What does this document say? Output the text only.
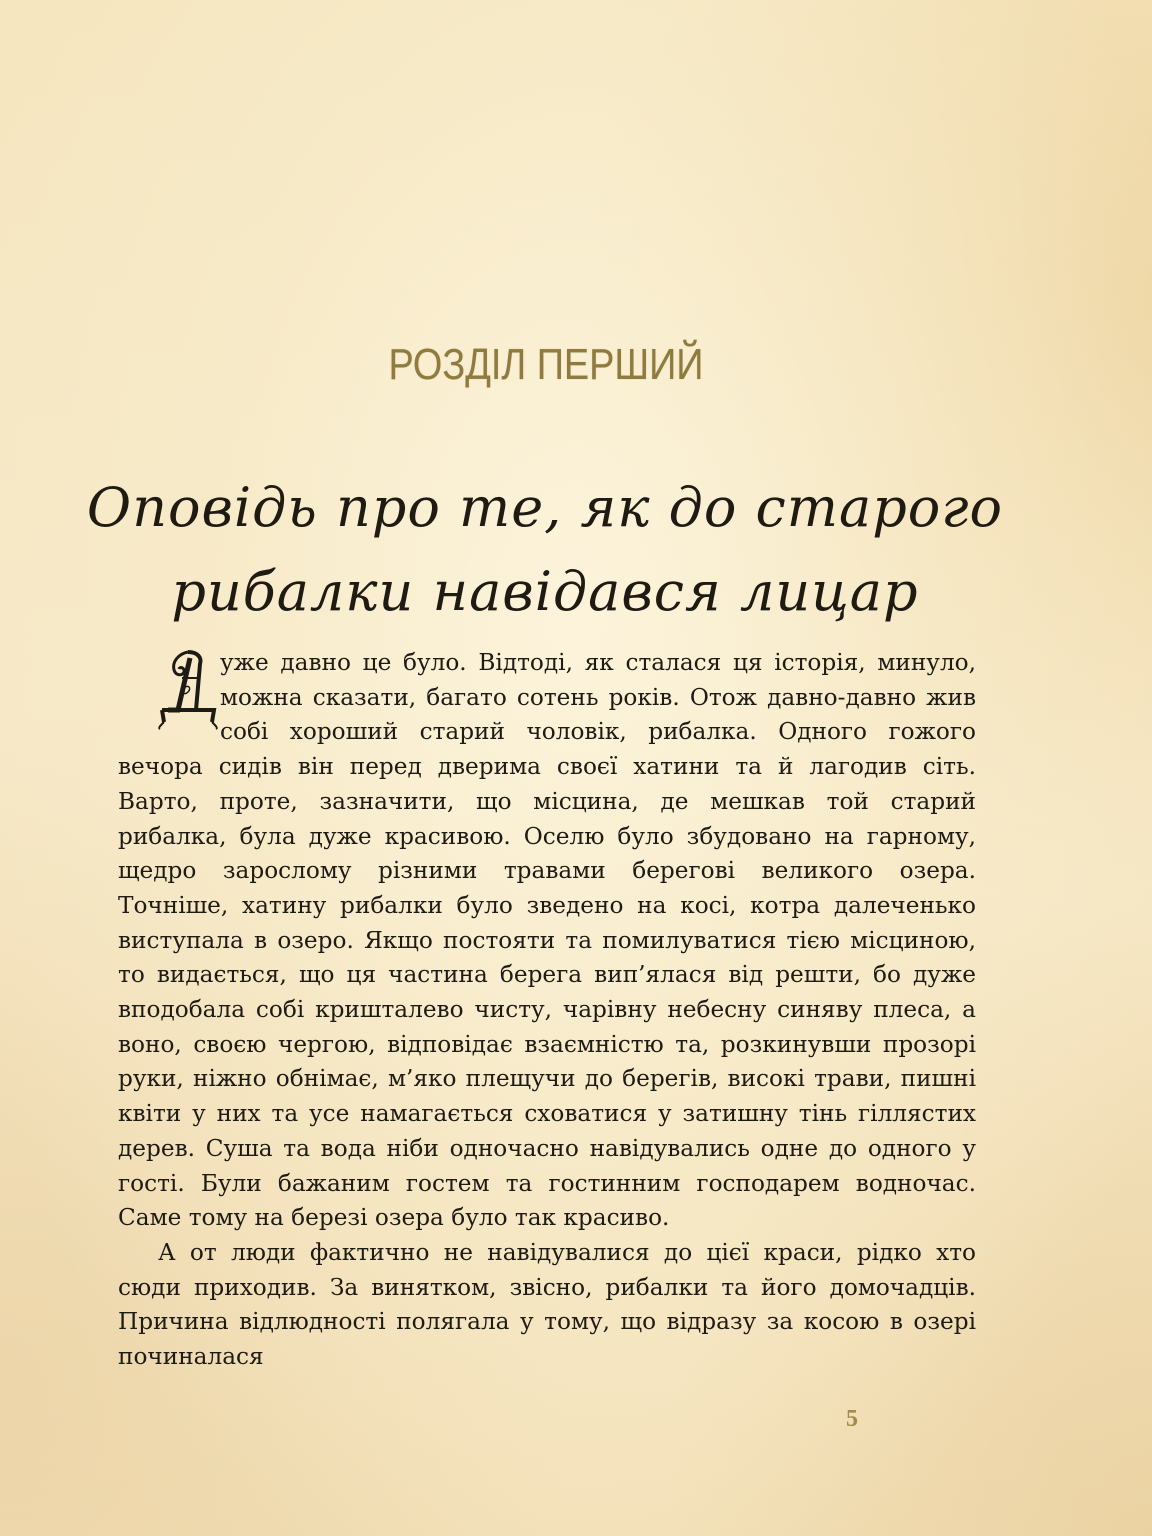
РОЗДІЛ ПЕРШИЙ
Оповідь про те, як до старого рибалки навідався лицар

уже давно це було. Відтоді, як сталася ця історія, минуло, можна сказати, багато сотень років. Отож давно-давно жив собі хороший старий чоловік, рибалка. Одного гожого вечора сидів він перед дверима своєї хатини та й лагодив сіть. Варто, проте, зазначити, що місцина, де мешкав той старий рибалка, була дуже красивою. Оселю було збудовано на гарному, щедро зарослому різними травами береговi великого озера. Точніше, хатину рибалки було зведено на косі, котра далеченько виступала в озеро. Якщо постояти та помилуватися тією місциною, то видається, що ця частина берега вип’ялася від решти, бо дуже вподобала собі кришталево чисту, чарівну небесну синяву плеса, а воно, своєю чергою, відповідає взаємністю та, розкинувши прозорі руки, ніжно обнімає, м’яко плещучи до берегів, високі трави, пишні квіти у них та усе намагається сховатися у затишну тінь гіллястих дерев. Суша та вода ніби одночасно навідувались одне до одного у гості. Були бажаним гостем та гостинним господарем водночас. Саме тому на березі озера було так красиво.

А от люди фактично не навідувалися до цієї краси, рідко хто сюди приходив. За винятком, звісно, рибалки та його домочадців. Причина відлюдності полягала у тому, що відразу за косою в озері починалася

5
